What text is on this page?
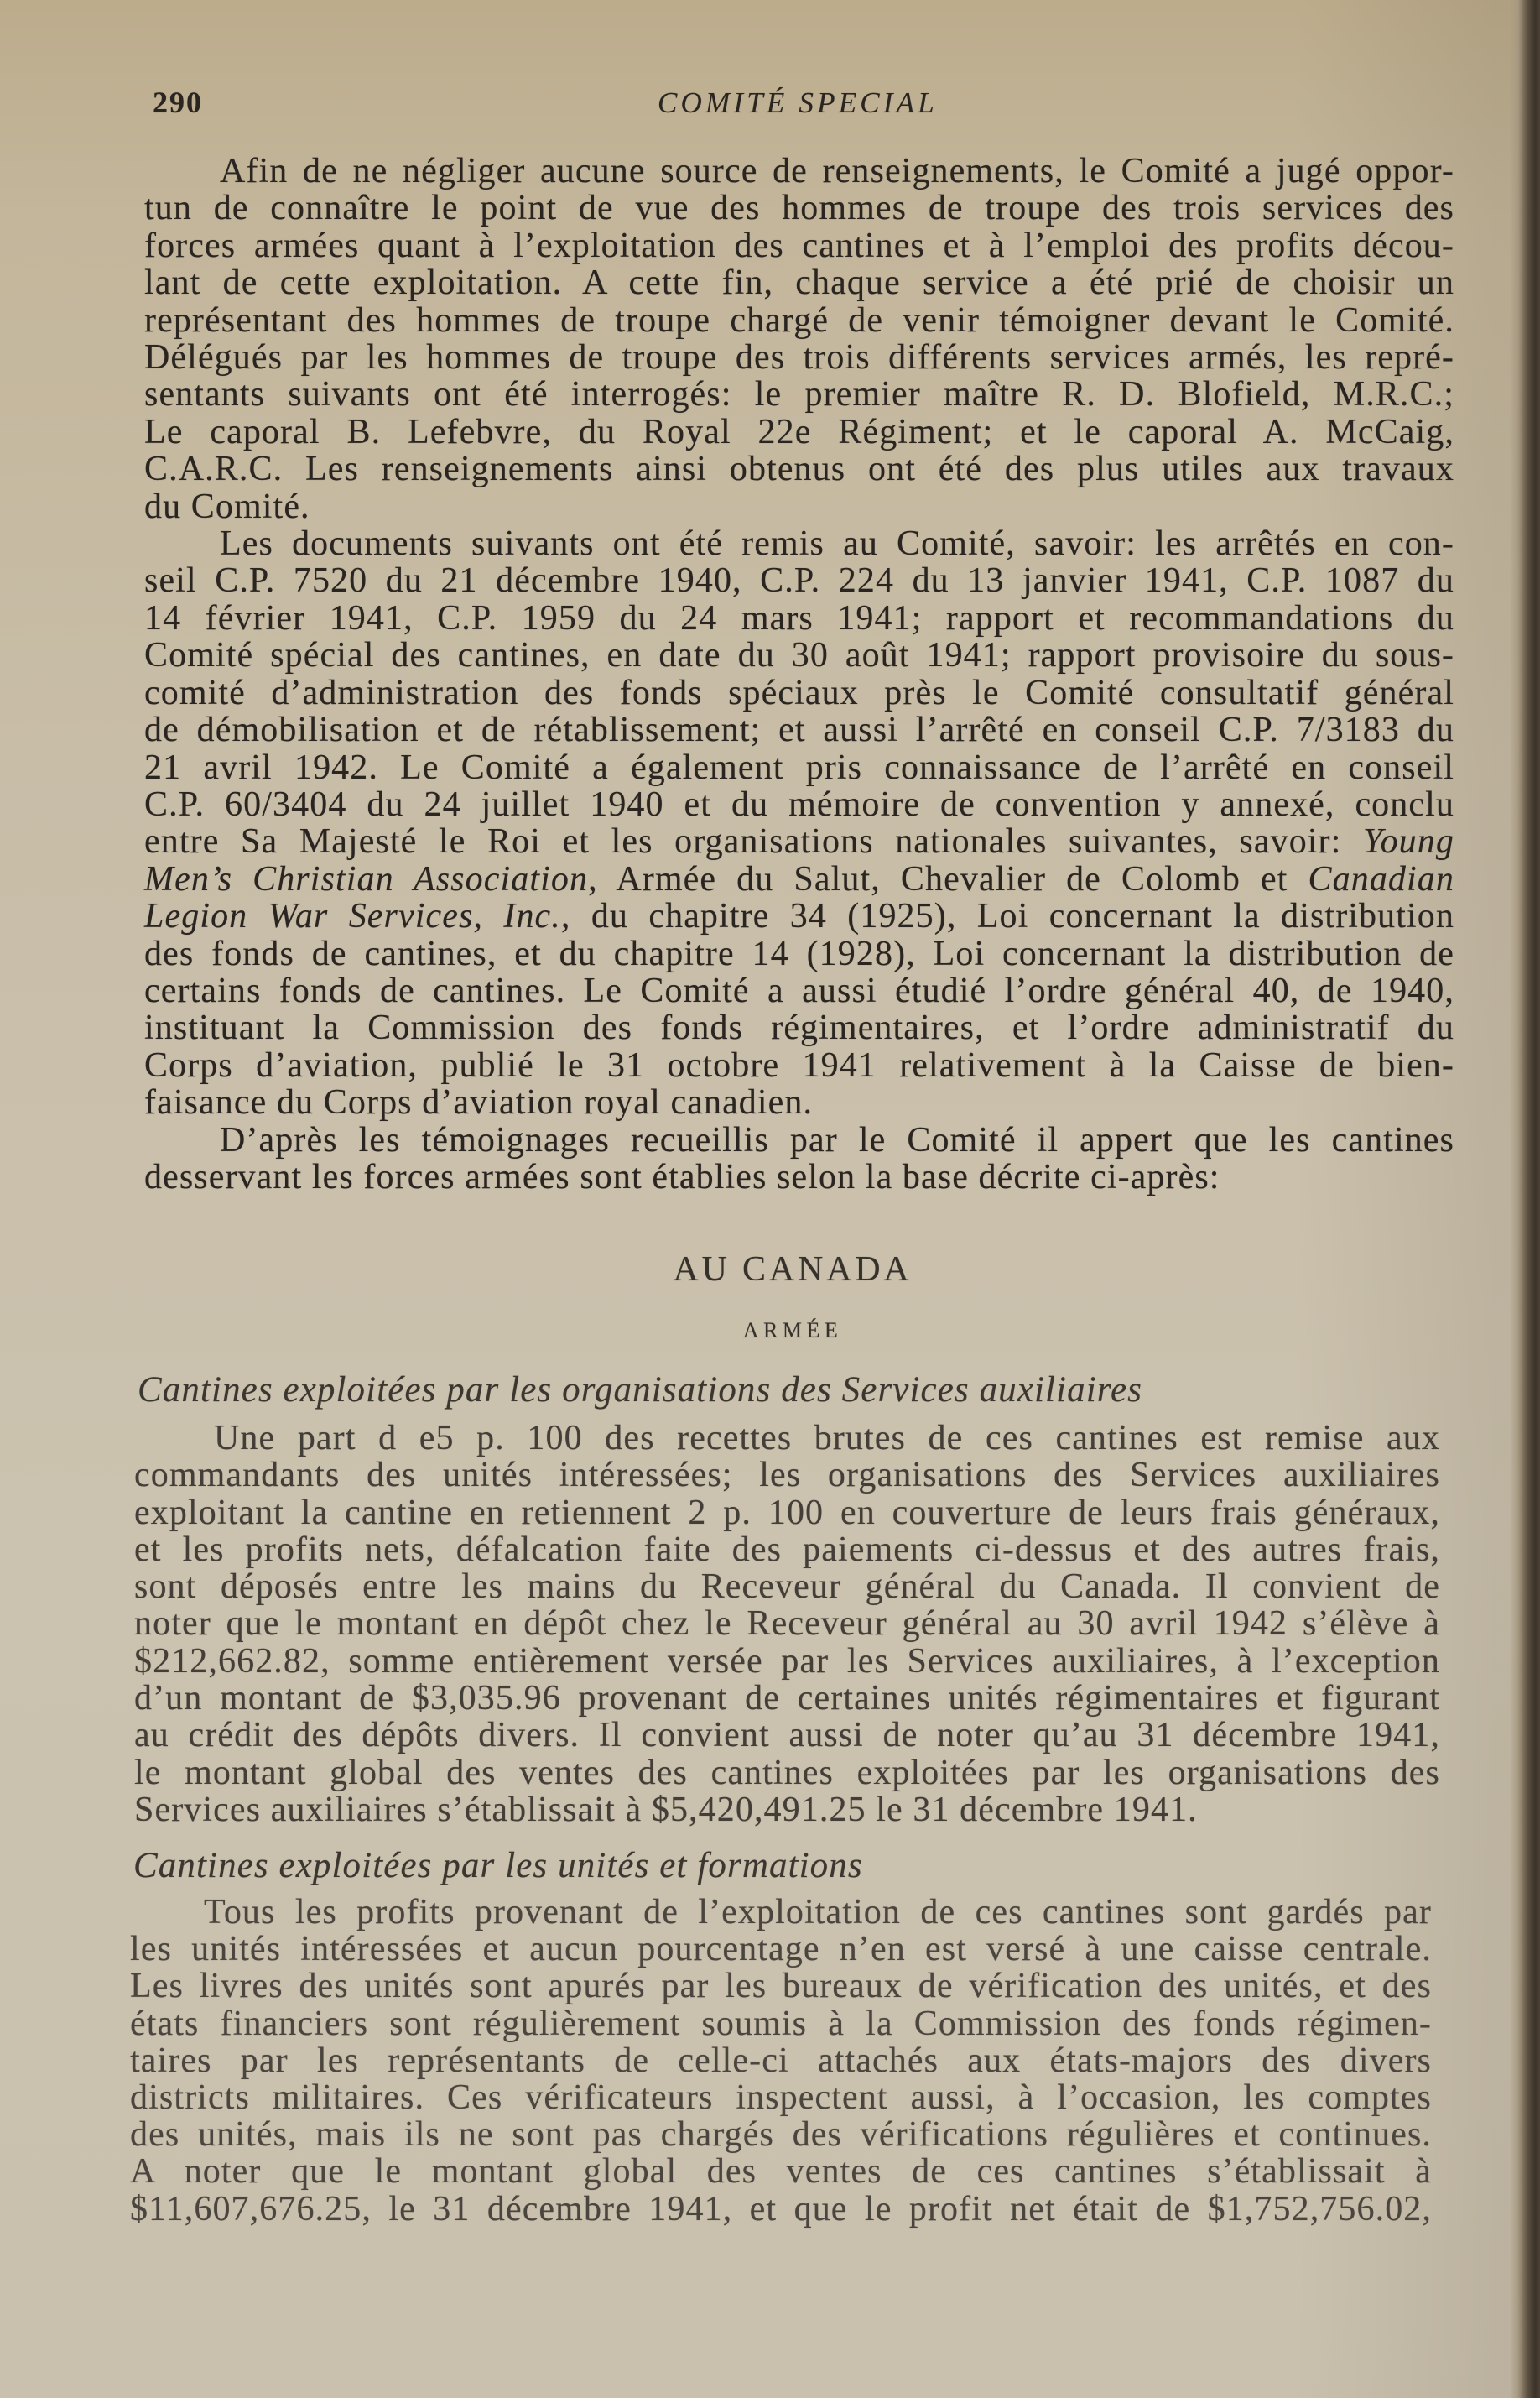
290	COMITÉ SPECIAL
Afin de ne négliger aucune source de renseignements, le Comité a jugé oppor-
tun de connaître le point de vue des hommes de troupe des trois services des
forces armées quant à l’exploitation des cantines et à l’emploi des profits décou-
lant de cette exploitation. A cette fin, chaque service a été prié de choisir un
représentant des hommes de troupe chargé de venir témoigner devant le Comité.
Délégués par les hommes de troupe des trois différents services armés, les repré-
sentants suivants ont été interrogés: le premier maître R. D. Blofield, M.R.C.;
Le caporal B. Lefebvre, du Royal 22e Régiment; et le caporal A. McCaig,
C.A.R.C. Les renseignements ainsi obtenus ont été des plus utiles aux travaux
du Comité.
Les documents suivants ont été remis au Comité, savoir: les arrêtés en con-
seil C.P. 7520 du 21 décembre 1940, C.P. 224 du 13 janvier 1941, C.P. 1087 du
14 février 1941, C.P. 1959 du 24 mars 1941; rapport et recommandations du
Comité spécial des cantines, en date du 30 août 1941; rapport provisoire du sous-
comité d’administration des fonds spéciaux près le Comité consultatif général
de démobilisation et de rétablissement; et aussi l’arrêté en conseil C.P. 7/3183 du
21 avril 1942. Le Comité a également pris connaissance de l’arrêté en conseil
C.P. 60/3404 du 24 juillet 1940 et du mémoire de convention y annexé, conclu
entre Sa Majesté le Roi et les organisations nationales suivantes, savoir: Young
Men’s Christian Association, Armée du Salut, Chevalier de Colomb et Canadian
Legion War Services, Inc., du chapitre 34 (1925), Loi concernant la distribution
des fonds de cantines, et du chapitre 14 (1928), Loi concernant la distribution de
certains fonds de cantines. Le Comité a aussi étudié l’ordre général 40, de 1940,
instituant la Commission des fonds régimentaires, et l’ordre administratif du
Corps d’aviation, publié le 31 octobre 1941 relativement à la Caisse de bien-
faisance du Corps d’aviation royal canadien.
D’après les témoignages recueillis par le Comité il appert que les cantines
desservant les forces armées sont établies selon la base décrite ci-après:
AU CANADA
ARMÉE
Cantines exploitées par les organisations des Services auxiliaires
Une part d e5 p. 100 des recettes brutes de ces cantines est remise aux
commandants des unités intéressées; les organisations des Services auxiliaires
exploitant la cantine en retiennent 2 p. 100 en couverture de leurs frais généraux,
et les profits nets, défalcation faite des paiements ci-dessus et des autres frais,
sont déposés entre les mains du Receveur général du Canada. Il convient de
noter que le montant en dépôt chez le Receveur général au 30 avril 1942 s’élève à
$212,662.82, somme entièrement versée par les Services auxiliaires, à l’exception
d’un montant de $3,035.96 provenant de certaines unités régimentaires et figurant
au crédit des dépôts divers. Il convient aussi de noter qu’au 31 décembre 1941,
le montant global des ventes des cantines exploitées par les organisations des
Services auxiliaires s’établissait à $5,420,491.25 le 31 décembre 1941.
Cantines exploitées par les unités et formations
Tous les profits provenant de l’exploitation de ces cantines sont gardés par
les unités intéressées et aucun pourcentage n’en est versé à une caisse centrale.
Les livres des unités sont apurés par les bureaux de vérification des unités, et des
états financiers sont régulièrement soumis à la Commission des fonds régimen-
taires par les représentants de celle-ci attachés aux états-majors des divers
districts militaires. Ces vérificateurs inspectent aussi, à l’occasion, les comptes
des unités, mais ils ne sont pas chargés des vérifications régulières et continues.
A noter que le montant global des ventes de ces cantines s’établissait à
$11,607,676.25, le 31 décembre 1941, et que le profit net était de $1,752,756.02,
